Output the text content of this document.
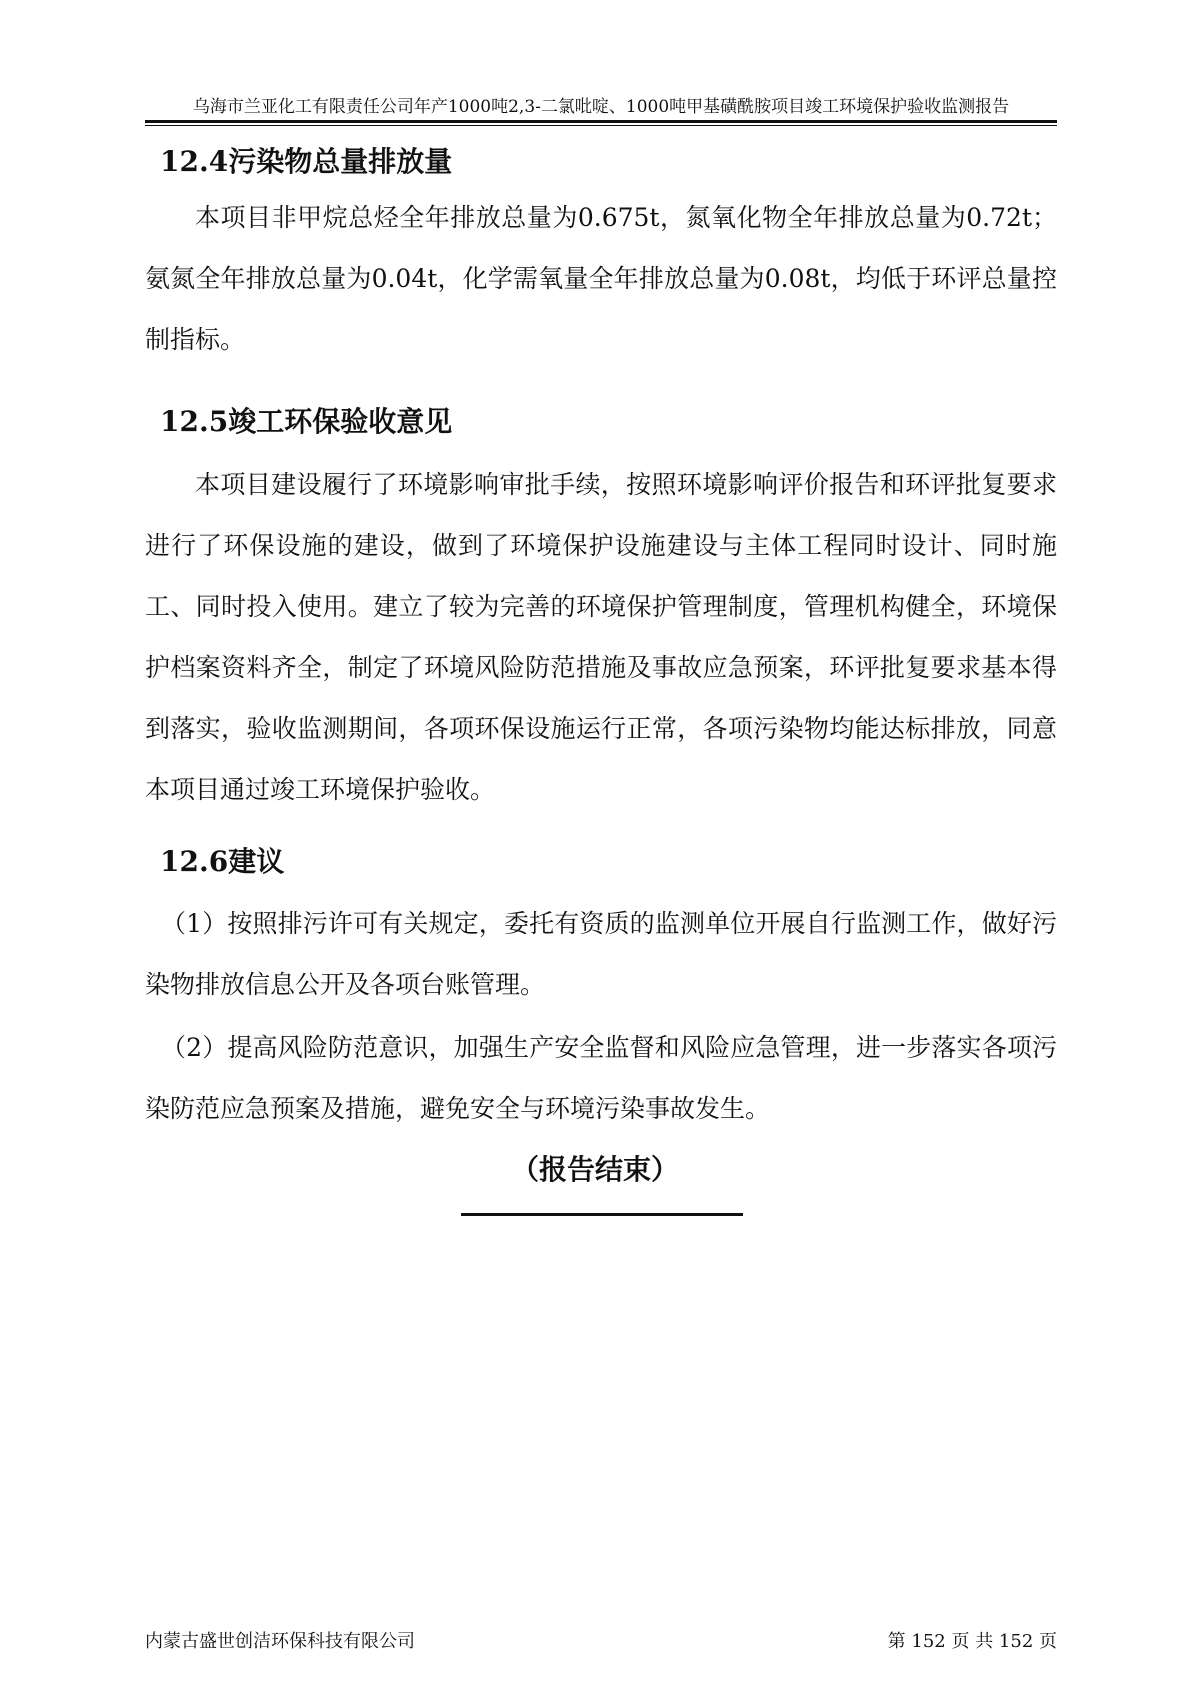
乌海市兰亚化工有限责任公司年产1000吨2,3-二氯吡啶、1000吨甲基磺酰胺项目竣工环境保护验收监测报告
12.4污染物总量排放量

本项目非甲烷总烃全年排放总量为0.675t，氮氧化物全年排放总量为0.72t；氨氮全年排放总量为0.04t，化学需氧量全年排放总量为0.08t，均低于环评总量控制指标。

12.5竣工环保验收意见

本项目建设履行了环境影响审批手续，按照环境影响评价报告和环评批复要求进行了环保设施的建设，做到了环境保护设施建设与主体工程同时设计、同时施工、同时投入使用。建立了较为完善的环境保护管理制度，管理机构健全，环境保护档案资料齐全，制定了环境风险防范措施及事故应急预案，环评批复要求基本得到落实，验收监测期间，各项环保设施运行正常，各项污染物均能达标排放，同意本项目通过竣工环境保护验收。

12.6建议

（1）按照排污许可有关规定，委托有资质的监测单位开展自行监测工作，做好污染物排放信息公开及各项台账管理。

（2）提高风险防范意识，加强生产安全监督和风险应急管理，进一步落实各项污染防范应急预案及措施，避免安全与环境污染事故发生。

（报告结束）
内蒙古盛世创洁环保科技有限公司	第 152 页 共 152 页
